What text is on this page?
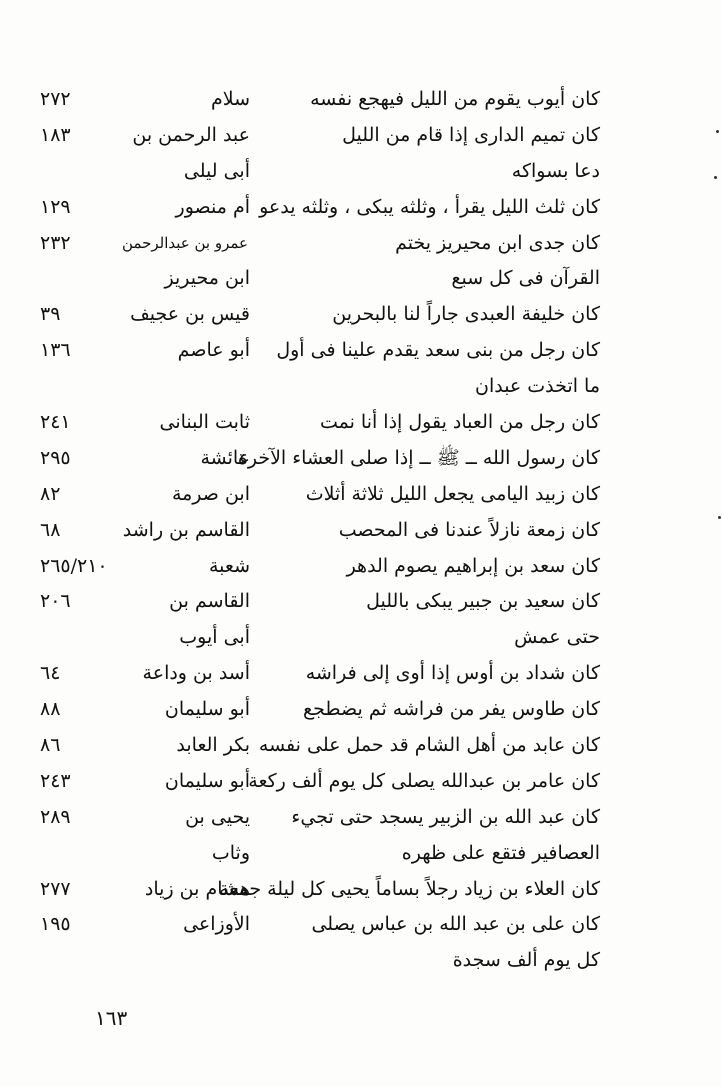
كان أيوب يقوم من الليل فيهجع نفسه
سلام
٢٧٢
كان تميم الدارى إذا قام من الليل
عبد الرحمن بن
١٨٣
دعا بسواكه
أبى ليلى
كان ثلث الليل يقرأ ، وثلثه يبكى ، وثلثه يدعو
أم منصور
١٢٩
كان جدى ابن محيريز يختم
عمرو بن عبدالرحمن
٢٣٢
القرآن فى كل سبع
ابن محيريز
كان خليفة العبدى جاراً لنا بالبحرين
قيس بن عجيف
٣٩
كان رجل من بنى سعد يقدم علينا فى أول
أبو عاصم
١٣٦
ما اتخذت عبدان
كان رجل من العباد يقول إذا أنا نمت
ثابت البنانى
٢٤١
كان رسول الله ــ ﷺ ــ إذا صلى العشاء الآخرة
عائشة
٢٩٥
كان زبيد اليامى يجعل الليل ثلاثة أثلاث
ابن صرمة
٨٢
كان زمعة نازلاً عندنا فى المحصب
القاسم بن راشد
٦٨
كان سعد بن إبراهيم يصوم الدهر
شعبة
٢٦٥/٢١٠
كان سعيد بن جبير يبكى بالليل
القاسم بن
٢٠٦
حتى عمش
أبى أيوب
كان شداد بن أوس إذا أوى إلى فراشه
أسد بن وداعة
٦٤
كان طاوس يفر من فراشه ثم يضطجع
أبو سليمان
٨٨
كان عابد من أهل الشام قد حمل على نفسه
بكر العابد
٨٦
كان عامر بن عبدالله يصلى كل يوم ألف ركعة
أبو سليمان
٢٤٣
كان عبد الله بن الزبير يسجد حتى تجيء
يحيى بن
٢٨٩
العصافير فتقع على ظهره
وثاب
كان العلاء بن زياد رجلاً بساماً يحيى كل ليلة جمعة
هشام بن زياد
٢٧٧
كان على بن عبد الله بن عباس يصلى
الأوزاعى
١٩٥
كل يوم ألف سجدة
١٦٣
